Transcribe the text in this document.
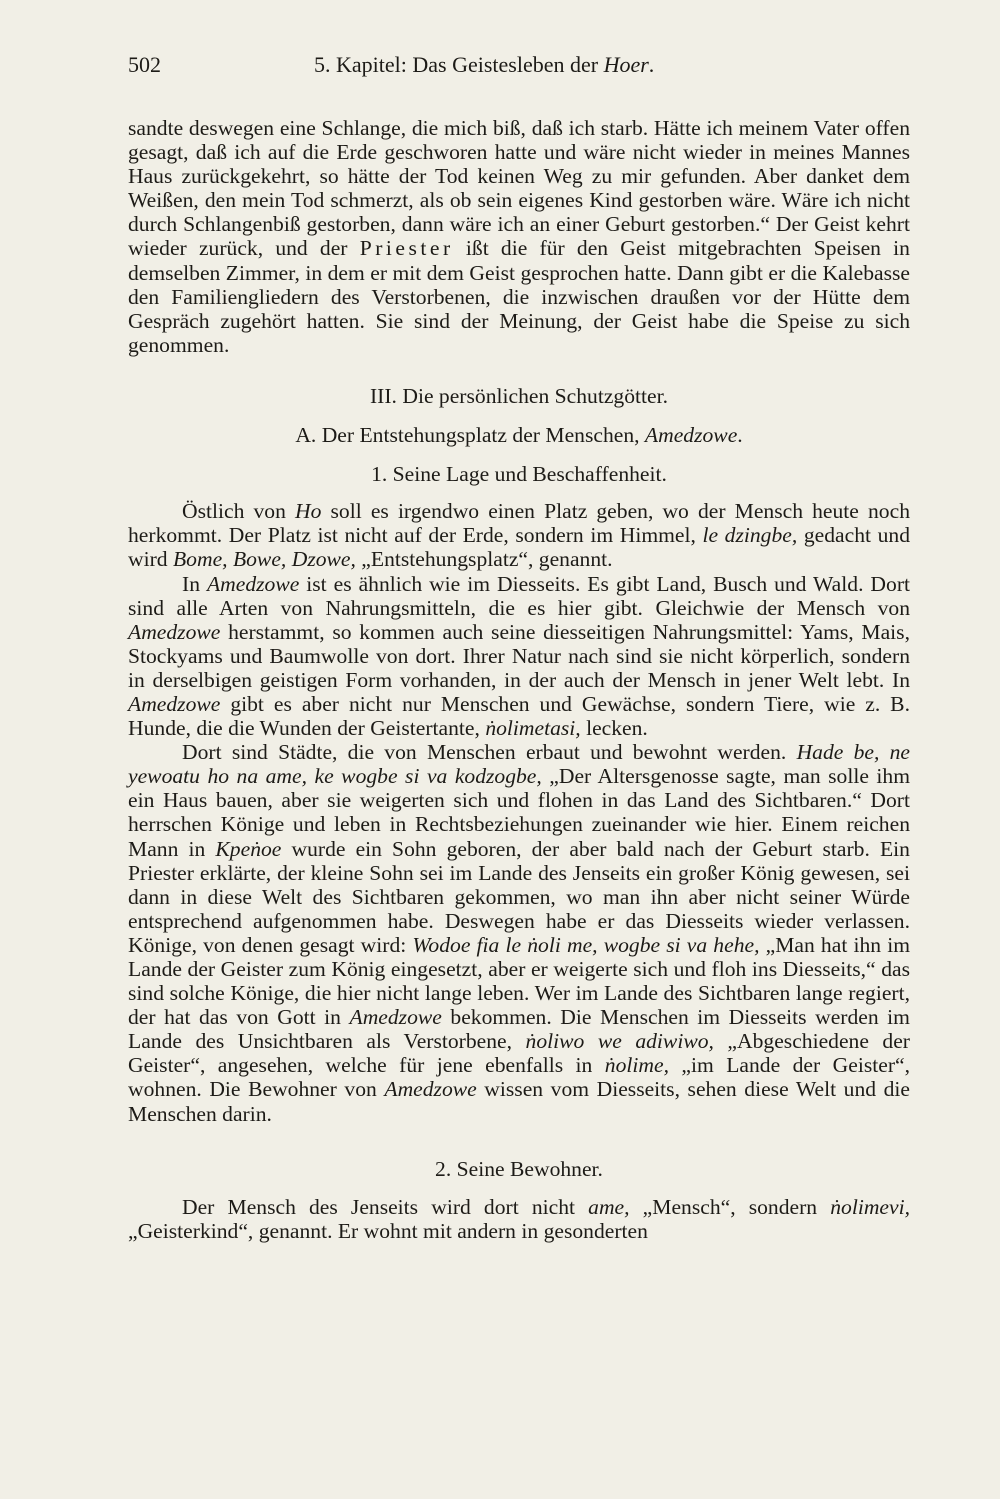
502	5. Kapitel: Das Geistesleben der Hoer.

sandte deswegen eine Schlange, die mich biß, daß ich starb. Hätte ich meinem Vater offen gesagt, daß ich auf die Erde geschworen hatte und wäre nicht wieder in meines Mannes Haus zurückgekehrt, so hätte der Tod keinen Weg zu mir gefunden. Aber danket dem Weißen, den mein Tod schmerzt, als ob sein eigenes Kind gestorben wäre. Wäre ich nicht durch Schlangenbiß gestorben, dann wäre ich an einer Geburt gestorben.“ Der Geist kehrt wieder zurück, und der Priester ißt die für den Geist mitgebrachten Speisen in demselben Zimmer, in dem er mit dem Geist gesprochen hatte. Dann gibt er die Kalebasse den Familiengliedern des Verstorbenen, die inzwischen draußen vor der Hütte dem Gespräch zugehört hatten. Sie sind der Meinung, der Geist habe die Speise zu sich genommen.

III. Die persönlichen Schutzgötter.

A. Der Entstehungsplatz der Menschen, Amedzowe.

1. Seine Lage und Beschaffenheit.

Östlich von Ho soll es irgendwo einen Platz geben, wo der Mensch heute noch herkommt. Der Platz ist nicht auf der Erde, sondern im Himmel, le dzingbe, gedacht und wird Bome, Bowe, Dzowe, „Entstehungsplatz“, genannt.

In Amedzowe ist es ähnlich wie im Diesseits. Es gibt Land, Busch und Wald. Dort sind alle Arten von Nahrungsmitteln, die es hier gibt. Gleichwie der Mensch von Amedzowe herstammt, so kommen auch seine diesseitigen Nahrungsmittel: Yams, Mais, Stockyams und Baumwolle von dort. Ihrer Natur nach sind sie nicht körperlich, sondern in derselbigen geistigen Form vorhanden, in der auch der Mensch in jener Welt lebt. In Amedzowe gibt es aber nicht nur Menschen und Gewächse, sondern Tiere, wie z. B. Hunde, die die Wunden der Geistertante, ṅolimetasi, lecken.

Dort sind Städte, die von Menschen erbaut und bewohnt werden. Hade be, ne yewoatu ho na ame, ke wogbe si va kodzogbe, „Der Altersgenosse sagte, man solle ihm ein Haus bauen, aber sie weigerten sich und flohen in das Land des Sichtbaren.“ Dort herrschen Könige und leben in Rechtsbeziehungen zueinander wie hier. Einem reichen Mann in Kpeṅoe wurde ein Sohn geboren, der aber bald nach der Geburt starb. Ein Priester erklärte, der kleine Sohn sei im Lande des Jenseits ein großer König gewesen, sei dann in diese Welt des Sichtbaren gekommen, wo man ihn aber nicht seiner Würde entsprechend aufgenommen habe. Deswegen habe er das Diesseits wieder verlassen. Könige, von denen gesagt wird: Wodoe fia le ṅoli me, wogbe si va hehe, „Man hat ihn im Lande der Geister zum König eingesetzt, aber er weigerte sich und floh ins Diesseits,“ das sind solche Könige, die hier nicht lange leben. Wer im Lande des Sichtbaren lange regiert, der hat das von Gott in Amedzowe bekommen. Die Menschen im Diesseits werden im Lande des Unsichtbaren als Verstorbene, ṅoliwo we adiwiwo, „Abgeschiedene der Geister“, angesehen, welche für jene ebenfalls in ṅolime, „im Lande der Geister“, wohnen. Die Bewohner von Amedzowe wissen vom Diesseits, sehen diese Welt und die Menschen darin.

2. Seine Bewohner.

Der Mensch des Jenseits wird dort nicht ame, „Mensch“, sondern ṅolimevi, „Geisterkind“, genannt. Er wohnt mit andern in gesonderten
